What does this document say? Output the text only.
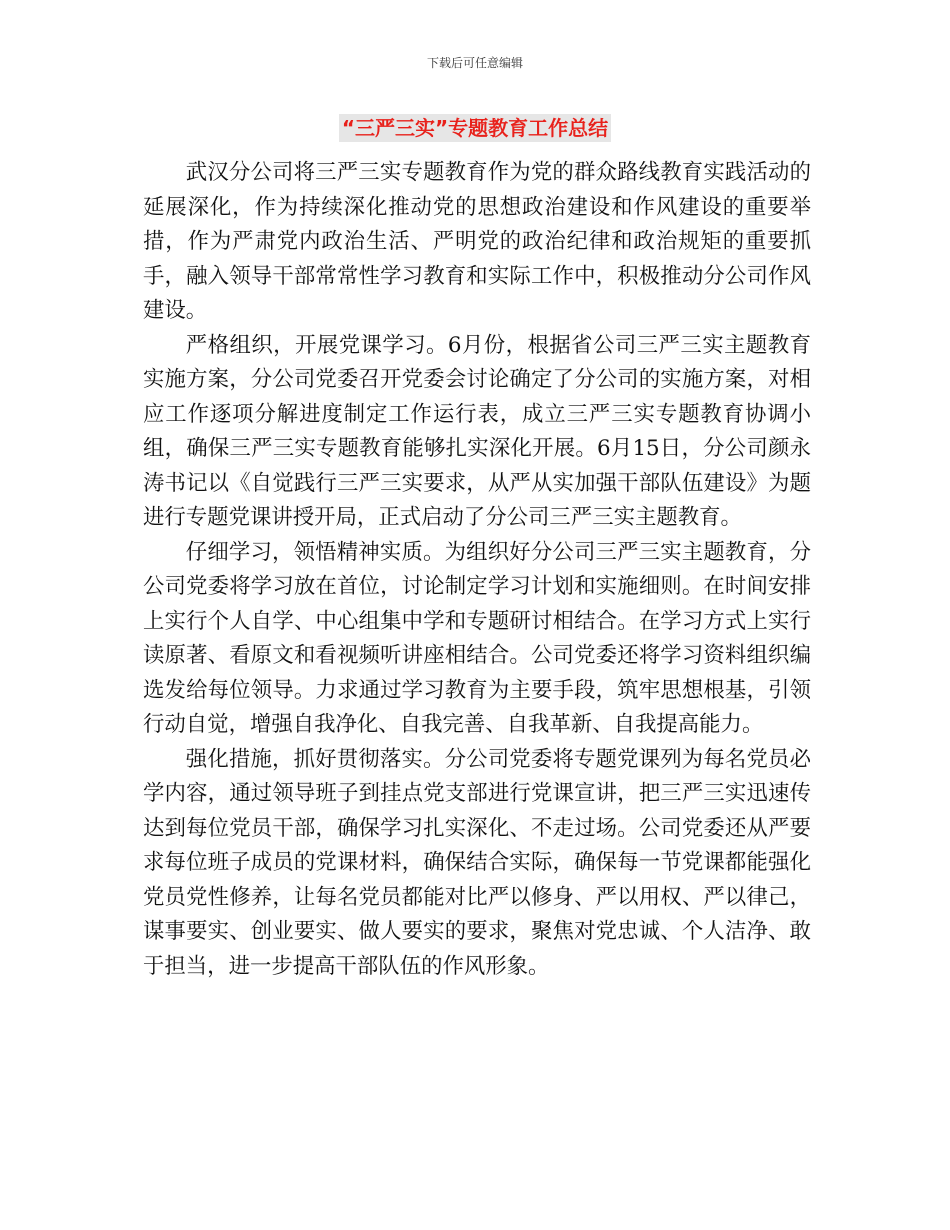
下载后可任意编辑
“三严三实”专题教育工作总结

武汉分公司将三严三实专题教育作为党的群众路线教育实践活动的延展深化，作为持续深化推动党的思想政治建设和作风建设的重要举措，作为严肃党内政治生活、严明党的政治纪律和政治规矩的重要抓手，融入领导干部常常性学习教育和实际工作中，积极推动分公司作风建设。

严格组织，开展党课学习。6月份，根据省公司三严三实主题教育实施方案，分公司党委召开党委会讨论确定了分公司的实施方案，对相应工作逐项分解进度制定工作运行表，成立三严三实专题教育协调小组，确保三严三实专题教育能够扎实深化开展。6月15日，分公司颜永涛书记以《自觉践行三严三实要求，从严从实加强干部队伍建设》为题进行专题党课讲授开局，正式启动了分公司三严三实主题教育。

仔细学习，领悟精神实质。为组织好分公司三严三实主题教育，分公司党委将学习放在首位，讨论制定学习计划和实施细则。在时间安排上实行个人自学、中心组集中学和专题研讨相结合。在学习方式上实行读原著、看原文和看视频听讲座相结合。公司党委还将学习资料组织编选发给每位领导。力求通过学习教育为主要手段，筑牢思想根基，引领行动自觉，增强自我净化、自我完善、自我革新、自我提高能力。

强化措施，抓好贯彻落实。分公司党委将专题党课列为每名党员必学内容，通过领导班子到挂点党支部进行党课宣讲，把三严三实迅速传达到每位党员干部，确保学习扎实深化、不走过场。公司党委还从严要求每位班子成员的党课材料，确保结合实际，确保每一节党课都能强化党员党性修养，让每名党员都能对比严以修身、严以用权、严以律己，谋事要实、创业要实、做人要实的要求，聚焦对党忠诚、个人洁净、敢于担当，进一步提高干部队伍的作风形象。
